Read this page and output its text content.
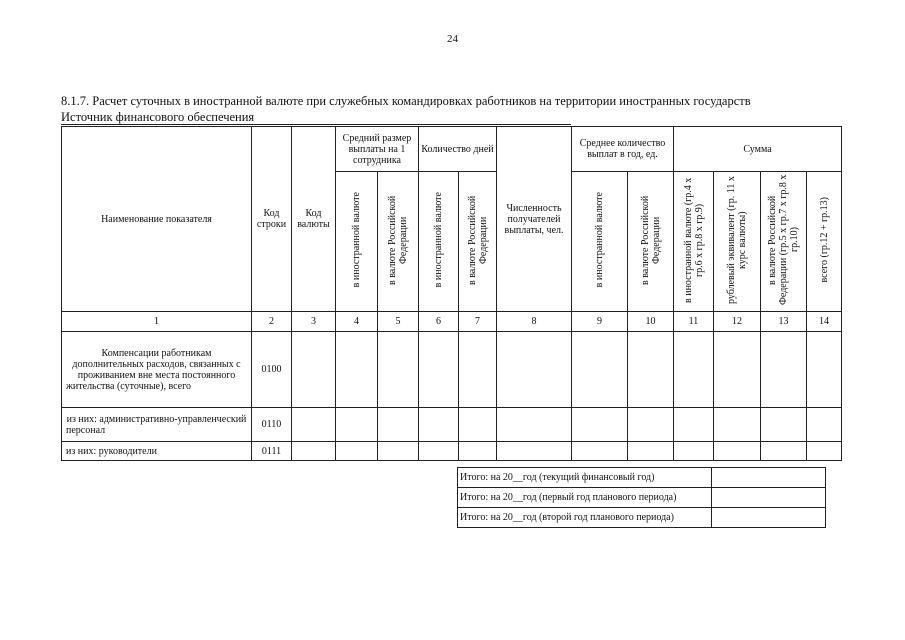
24
8.1.7. Расчет суточных в иностранной валюте при служебных командировках работников на территории иностранных государств
Источник финансового обеспечения
Наименование показателя	Код строки	Код валюты	Средний размер выплаты на 1 сотрудника		Количество дней		Численность получателей выплаты, чел.	Среднее количество выплат в год, ед.		Сумма			
			в иностранной валюте	в валюте Российской Федерации	в иностранной валюте	в валюте Российской Федерации		в иностранной валюте	в валюте Российской Федерации	в иностранной валюте (гр.4 х гр.6 х гр.8 х гр.9)	рублевый эквивалент (гр. 11 х курс валюты)	в валюте Российской Федерации (гр.5 х гр.7 х гр.8 х гр.10)	всего (гр.12 + гр.13)
1	2	3	4	5	6	7	8	9	10	11	12	13	14
Компенсации работникам дополнительных расходов, связанных с проживанием вне места постоянного жительства (суточные), всего	0100												
из них: административно-управленческий персонал	0110												
из них: руководители	0111												
Итого: на 20__год (текущий финансовый год)	
Итого: на 20__год (первый год планового периода)	
Итого: на 20__год (второй год планового периода)	
